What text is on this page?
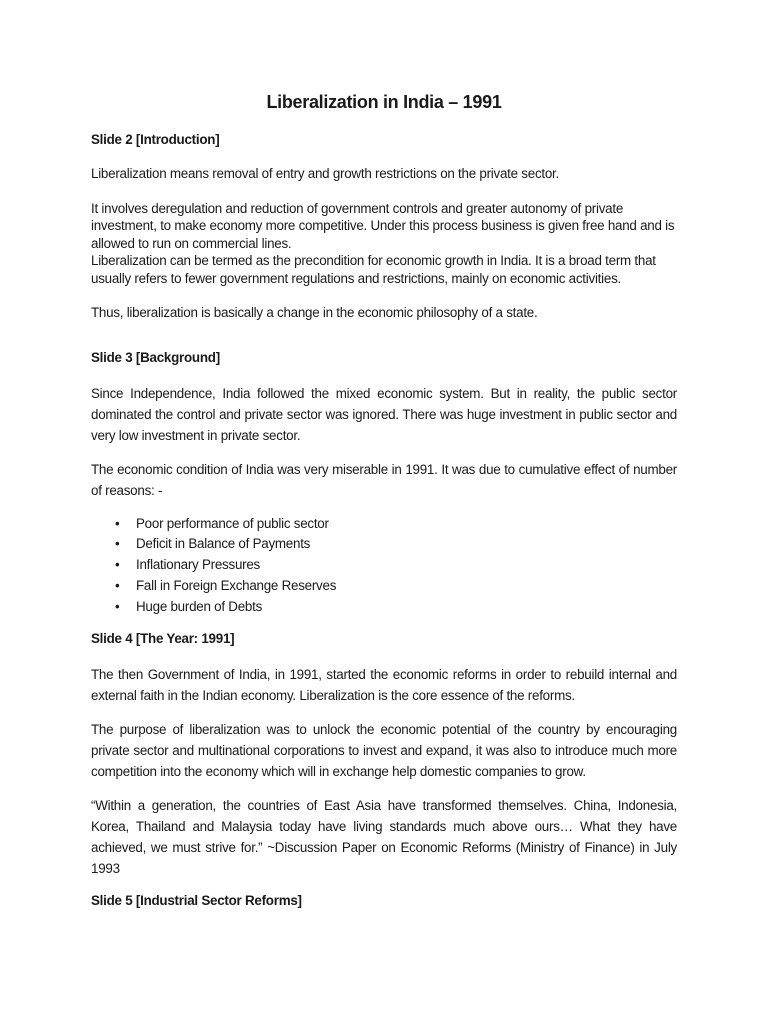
Liberalization in India – 1991
Slide 2 [Introduction]

Liberalization means removal of entry and growth restrictions on the private sector.

It involves deregulation and reduction of government controls and greater autonomy of private investment, to make economy more competitive. Under this process business is given free hand and is allowed to run on commercial lines.

Liberalization can be termed as the precondition for economic growth in India. It is a broad term that usually refers to fewer government regulations and restrictions, mainly on economic activities.

Thus, liberalization is basically a change in the economic philosophy of a state.

Slide 3 [Background]

Since Independence, India followed the mixed economic system. But in reality, the public sector dominated the control and private sector was ignored. There was huge investment in public sector and very low investment in private sector.

The economic condition of India was very miserable in 1991. It was due to cumulative effect of number of reasons: -

• Poor performance of public sector
• Deficit in Balance of Payments
• Inflationary Pressures
• Fall in Foreign Exchange Reserves
• Huge burden of Debts
Slide 4 [The Year: 1991]

The then Government of India, in 1991, started the economic reforms in order to rebuild internal and external faith in the Indian economy. Liberalization is the core essence of the reforms.

The purpose of liberalization was to unlock the economic potential of the country by encouraging private sector and multinational corporations to invest and expand, it was also to introduce much more competition into the economy which will in exchange help domestic companies to grow.

“Within a generation, the countries of East Asia have transformed themselves. China, Indonesia, Korea, Thailand and Malaysia today have living standards much above ours… What they have achieved, we must strive for.” ~Discussion Paper on Economic Reforms (Ministry of Finance) in July 1993

Slide 5 [Industrial Sector Reforms]
